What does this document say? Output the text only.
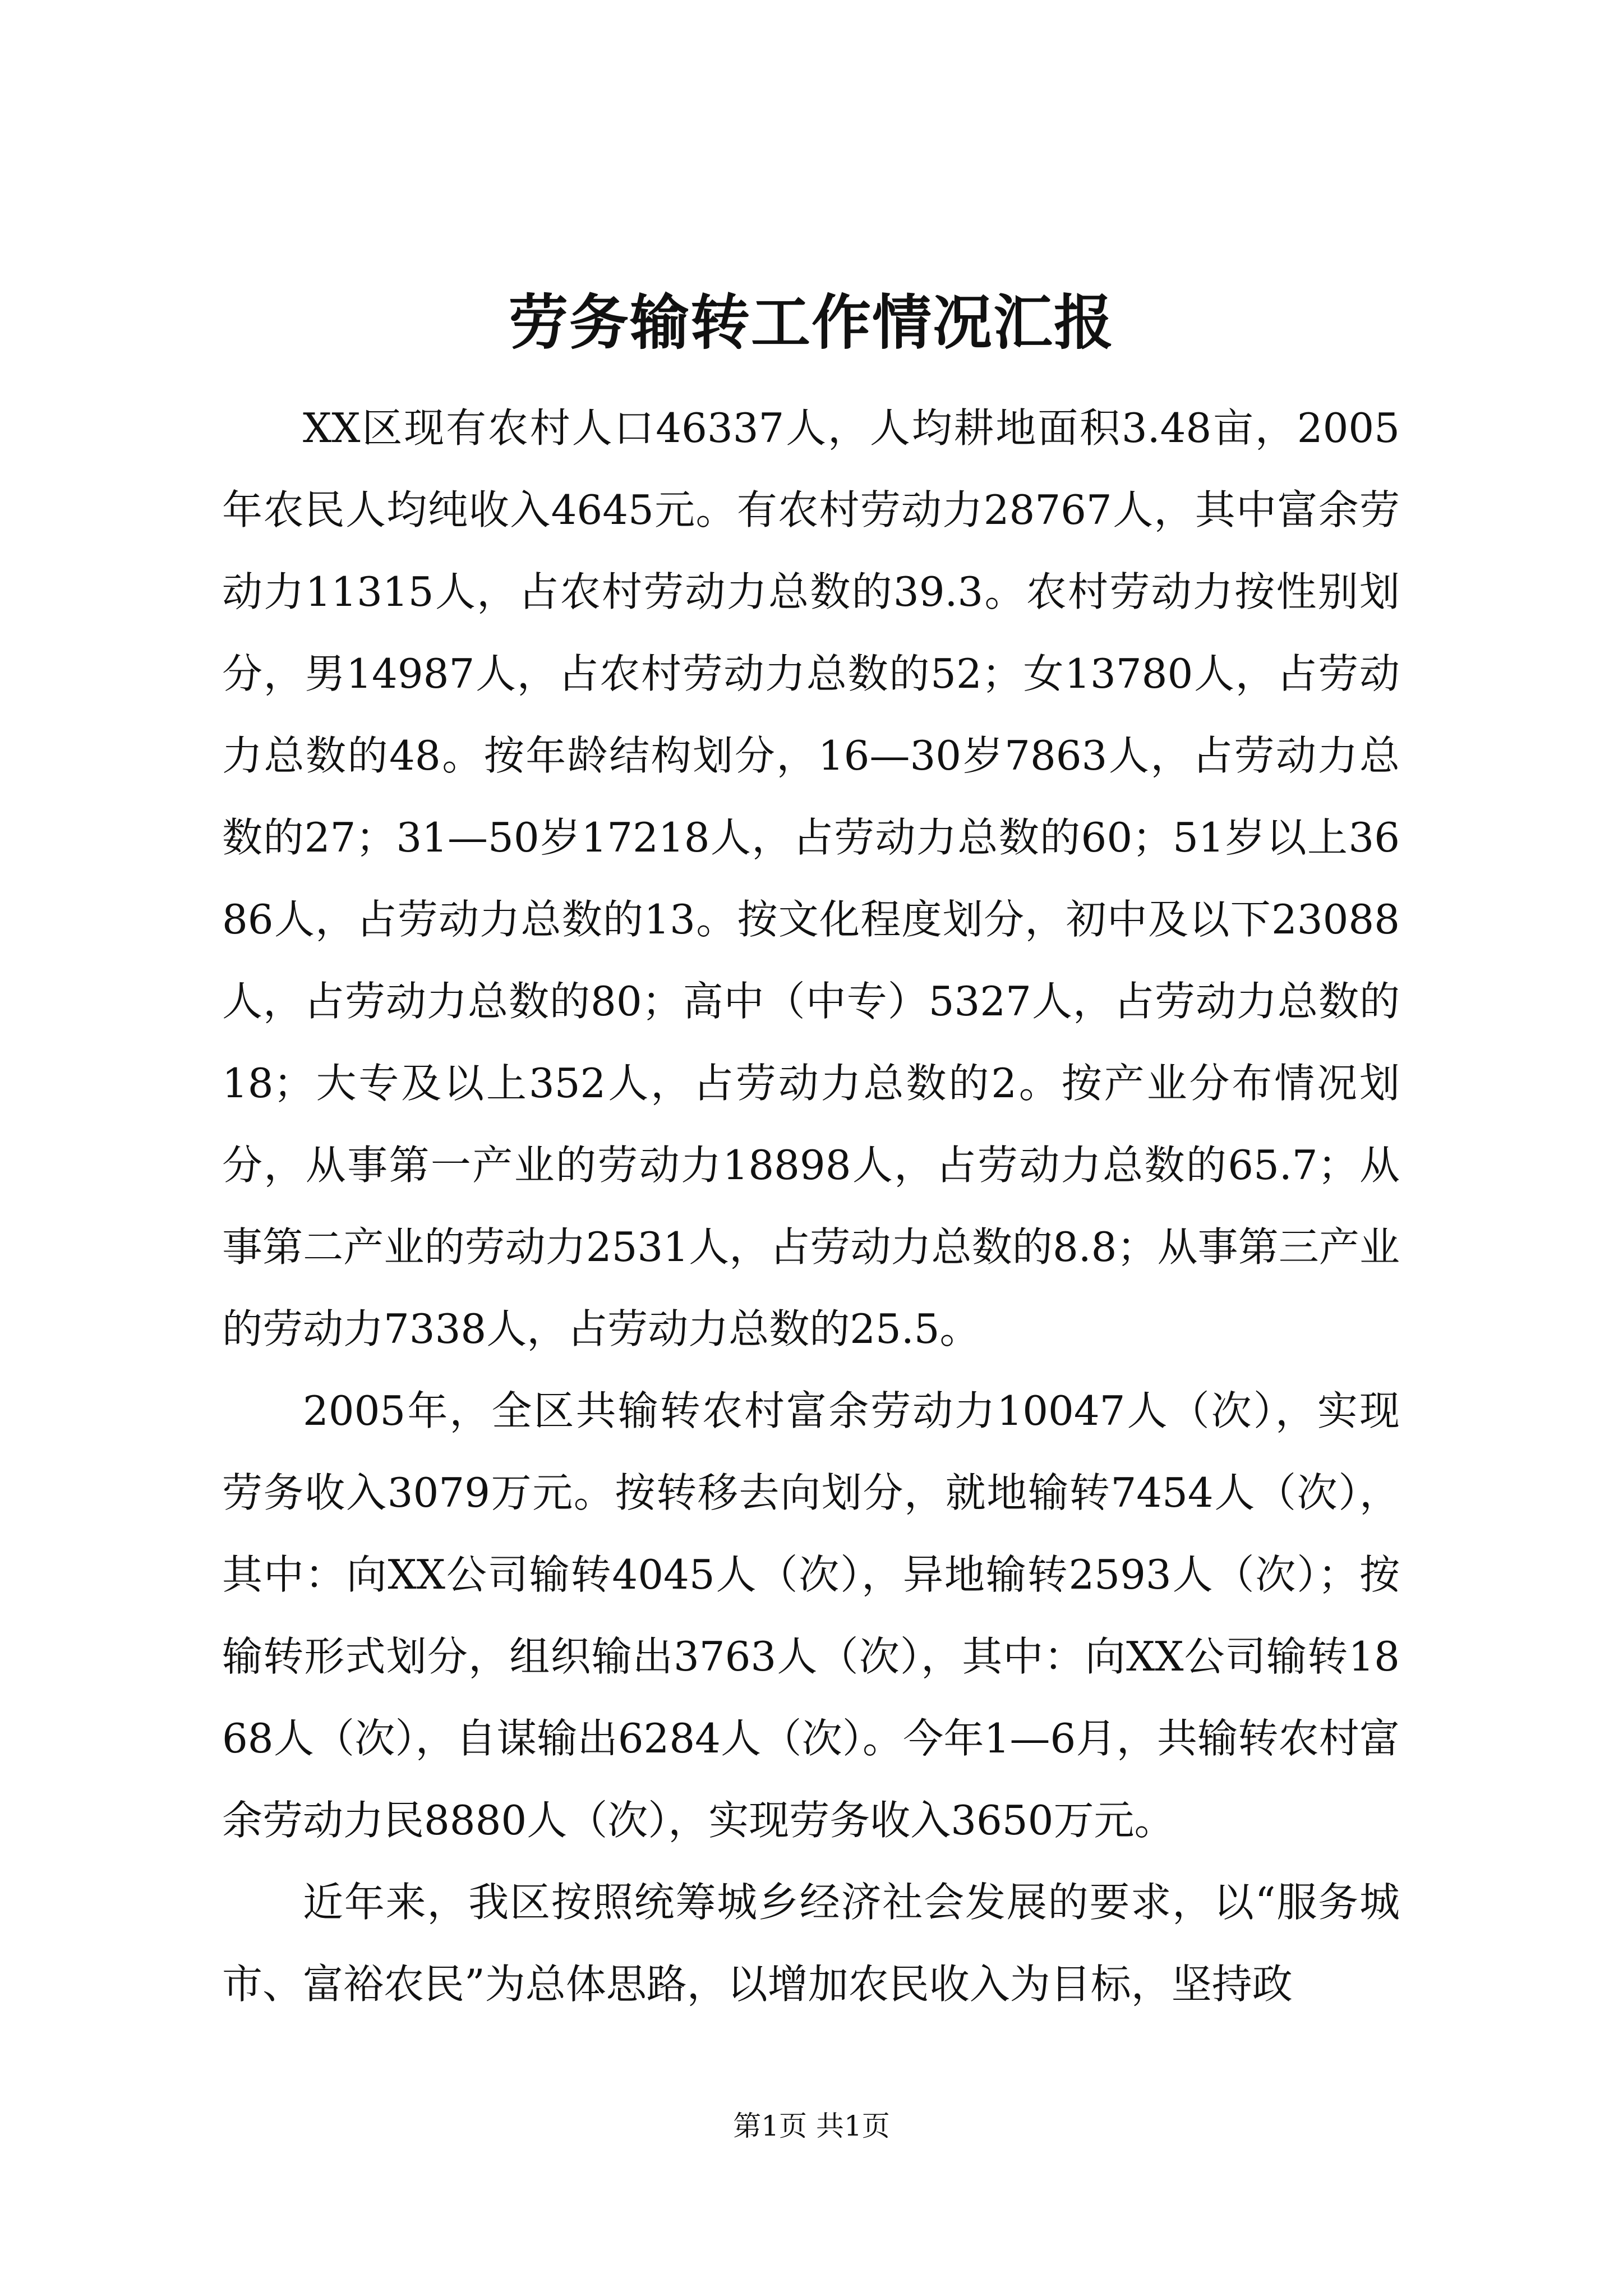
劳务输转工作情况汇报

XX区现有农村人口46337人，人均耕地面积3.48亩，2005年农民人均纯收入4645元。有农村劳动力28767人，其中富余劳动力11315人，占农村劳动力总数的39.3。农村劳动力按性别划分，男14987人，占农村劳动力总数的52；女13780人，占劳动力总数的48。按年龄结构划分，16—30岁7863人，占劳动力总数的27；31—50岁17218人，占劳动力总数的60；51岁以上3686人，占劳动力总数的13。按文化程度划分，初中及以下23088人，占劳动力总数的80；高中（中专）5327人，占劳动力总数的18；大专及以上352人，占劳动力总数的2。按产业分布情况划分，从事第一产业的劳动力18898人，占劳动力总数的65.7；从事第二产业的劳动力2531人，占劳动力总数的8.8；从事第三产业的劳动力7338人，占劳动力总数的25.5。

2005年，全区共输转农村富余劳动力10047人（次），实现劳务收入3079万元。按转移去向划分，就地输转7454人（次），其中：向XX公司输转4045人（次），异地输转2593人（次）；按输转形式划分，组织输出3763人（次），其中：向XX公司输转1868人（次），自谋输出6284人（次）。今年1—6月，共输转农村富余劳动力民8880人（次），实现劳务收入3650万元。

近年来，我区按照统筹城乡经济社会发展的要求，以“服务城市、富裕农民”为总体思路，以增加农民收入为目标，坚持政

第1页 共1页
